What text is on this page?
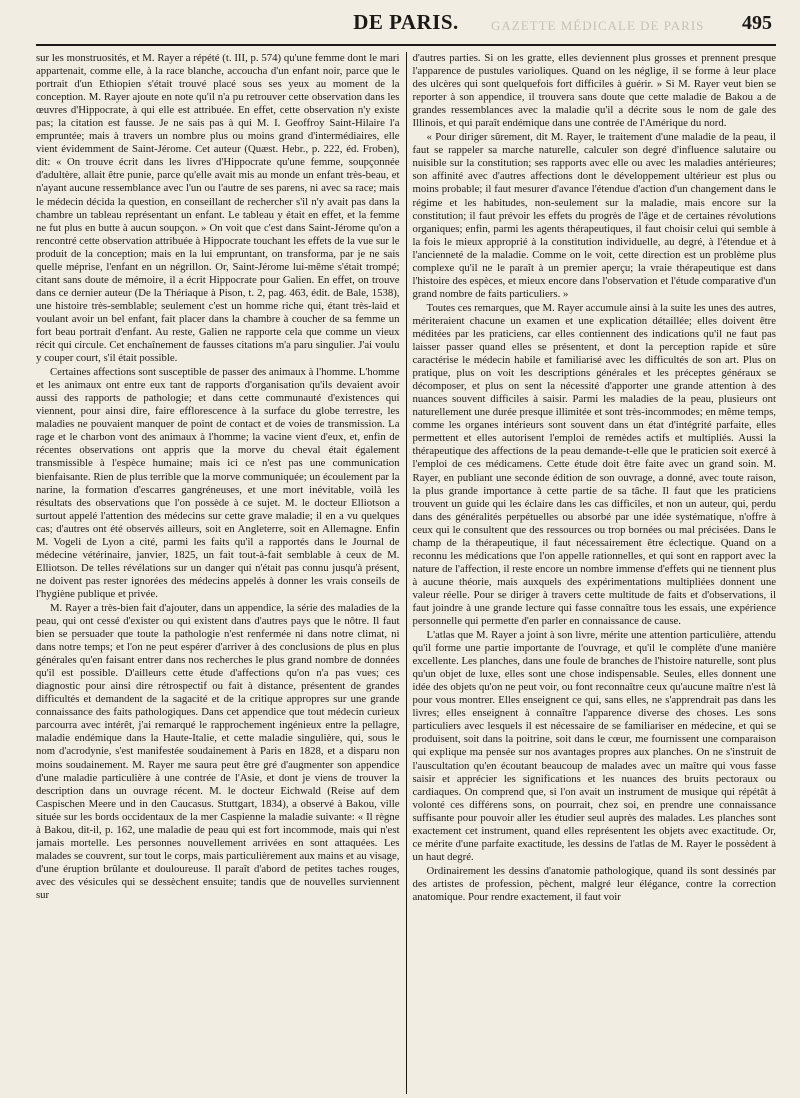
GAZETTE MÉDICALE DE PARIS
DE PARIS.	495

sur les monstruosités, et M. Rayer a répété (t. III, p. 574) qu'une femme dont le mari appartenait, comme elle, à la race blanche, accoucha d'un enfant noir, parce que le portrait d'un Ethiopien s'était trouvé placé sous ses yeux au moment de la conception. M. Rayer ajoute en note qu'il n'a pu retrouver cette observation dans les œuvres d'Hippocrate, à qui elle est attribuée. En effet, cette observation n'y existe pas; la citation est fausse. Je ne sais pas à qui M. I. Geoffroy Saint-Hilaire l'a empruntée; mais à travers un nombre plus ou moins grand d'intermédiaires, elle vient évidemment de Saint-Jérome. Cet auteur (Quæst. Hebr., p. 222, éd. Froben), dit: « On trouve écrit dans les livres d'Hippocrate qu'une femme, soupçonnée d'adultère, allait être punie, parce qu'elle avait mis au monde un enfant très-beau, et n'ayant aucune ressemblance avec l'un ou l'autre de ses parens, ni avec sa race; mais le médecin décida la question, en conseillant de rechercher s'il n'y avait pas dans la chambre un tableau représentant un enfant. Le tableau y était en effet, et la femme ne fut plus en butte à aucun soupçon. » On voit que c'est dans Saint-Jérome qu'on a rencontré cette observation attribuée à Hippocrate touchant les effets de la vue sur le produit de la conception; mais en la lui empruntant, on transforma, par je ne sais quelle méprise, l'enfant en un négrillon. Or, Saint-Jérome lui-même s'était trompé; citant sans doute de mémoire, il a écrit Hippocrate pour Galien. En effet, on trouve dans ce dernier auteur (De la Thériaque à Pison, t. 2, pag. 463, édit. de Bale, 1538), une histoire très-semblable; seulement c'est un homme riche qui, étant très-laid et voulant avoir un bel enfant, fait placer dans la chambre à coucher de sa femme un fort beau portrait d'enfant. Au reste, Galien ne rapporte cela que comme un vieux récit qui circule. Cet enchaînement de fausses citations m'a paru singulier. J'ai voulu y couper court, s'il était possible.

Certaines affections sont susceptible de passer des animaux à l'homme. L'homme et les animaux ont entre eux tant de rapports d'organisation qu'ils devaient avoir aussi des rapports de pathologie; et dans cette communauté d'existences qui viennent, pour ainsi dire, faire efflorescence à la surface du globe terrestre, les maladies ne pouvaient manquer de point de contact et de voies de transmission. La rage et le charbon vont des animaux à l'homme; la vacine vient d'eux, et, enfin de récentes observations ont appris que la morve du cheval était également transmissible à l'espèce humaine; mais ici ce n'est pas une communication bienfaisante. Rien de plus terrible que la morve communiquée; un écoulement par la narine, la formation d'escarres gangréneuses, et une mort inévitable, voilà les résultats des observations que l'on possède à ce sujet. M. le docteur Elliotson a surtout appelé l'attention des médecins sur cette grave maladie; il en a vu quelques cas; d'autres ont été observés ailleurs, soit en Angleterre, soit en Allemagne. Enfin M. Vogeli de Lyon a cité, parmi les faits qu'il a rapportés dans le Journal de médecine vétérinaire, janvier, 1825, un fait tout-à-fait semblable à ceux de M. Elliotson. De telles révélations sur un danger qui n'était pas connu jusqu'à présent, ne doivent pas rester ignorées des médecins appelés à donner les vrais conseils de l'hygiène publique et privée.

M. Rayer a très-bien fait d'ajouter, dans un appendice, la série des maladies de la peau, qui ont cessé d'exister ou qui existent dans d'autres pays que le nôtre. Il faut bien se persuader que toute la pathologie n'est renfermée ni dans notre climat, ni dans notre temps; et l'on ne peut espérer d'arriver à des conclusions de plus en plus générales qu'en faisant entrer dans nos recherches le plus grand nombre de données qu'il est possible. D'ailleurs cette étude d'affections qu'on n'a pas vues; ces diagnostic pour ainsi dire rétrospectif ou fait à distance, présentent de grandes difficultés et demandent de la sagacité et de la critique appropres sur une grande connaissance des faits pathologiques. Dans cet appendice que tout médecin curieux parcourra avec intérêt, j'ai remarqué le rapprochement ingénieux entre la pellagre, maladie endémique dans la Haute-Italie, et cette maladie singulière, qui, sous le nom d'acrodynie, s'est manifestée soudainement à Paris en 1828, et a disparu non moins soudainement. M. Rayer me saura peut être gré d'augmenter son appendice d'une maladie particulière à une contrée de l'Asie, et dont je viens de trouver la description dans un ouvrage récent. M. le docteur Eichwald (Reise auf dem Caspischen Meere und in den Caucasus. Stuttgart, 1834), a observé à Bakou, ville située sur les bords occidentaux de la mer Caspienne la maladie suivante: « Il règne à Bakou, dit-il, p. 162, une maladie de peau qui est fort incommode, mais qui n'est jamais mortelle. Les personnes nouvellement arrivées en sont attaquées. Les malades se couvrent, sur tout le corps, mais particulièrement aux mains et au visage, d'une éruption brûlante et douloureuse. Il paraît d'abord de petites taches rouges, avec des vésicules qui se dessèchent ensuite; tandis que de nouvelles surviennent sur

d'autres parties. Si on les gratte, elles deviennent plus grosses et prennent presque l'apparence de pustules varioliques. Quand on les néglige, il se forme à leur place des ulcères qui sont quelquefois fort difficiles à guérir. » Si M. Rayer veut bien se reporter à son appendice, il trouvera sans doute que cette maladie de Bakou a de grandes ressemblances avec la maladie qu'il a décrite sous le nom de gale des Illinois, et qui paraît endémique dans une contrée de l'Amérique du nord.

« Pour diriger sûrement, dit M. Rayer, le traitement d'une maladie de la peau, il faut se rappeler sa marche naturelle, calculer son degré d'influence salutaire ou nuisible sur la constitution; ses rapports avec elle ou avec les maladies antérieures; son affinité avec d'autres affections dont le développement ultérieur est plus ou moins probable; il faut mesurer d'avance l'étendue d'action d'un changement dans le régime et les habitudes, non-seulement sur la maladie, mais encore sur la constitution; il faut prévoir les effets du progrès de l'âge et de certaines révolutions organiques; enfin, parmi les agents thérapeutiques, il faut choisir celui qui semble à la fois le mieux approprié à la constitution individuelle, au degré, à l'étendue et à l'ancienneté de la maladie. Comme on le voit, cette direction est un problème plus complexe qu'il ne le paraît à un premier aperçu; la vraie thérapeutique est dans l'histoire des espèces, et mieux encore dans l'observation et l'étude comparative d'un grand nombre de faits particuliers. »

Toutes ces remarques, que M. Rayer accumule ainsi à la suite les unes des autres, mériteraient chacune un examen et une explication détaillée; elles doivent être méditées par les praticiens, car elles contiennent des indications qu'il ne faut pas laisser passer quand elles se présentent, et dont la perception rapide et sûre caractérise le médecin habile et familiarisé avec les difficultés de son art. Plus on pratique, plus on voit les descriptions générales et les préceptes généraux se décomposer, et plus on sent la nécessité d'apporter une grande attention à des nuances souvent difficiles à saisir. Parmi les maladies de la peau, plusieurs ont naturellement une durée presque illimitée et sont très-incommodes; en même temps, comme les organes intérieurs sont souvent dans un état d'intégrité parfaite, elles permettent et elles autorisent l'emploi de remèdes actifs et multipliés. Aussi la thérapeutique des affections de la peau demande-t-elle que le praticien soit exercé à l'emploi de ces médicamens. Cette étude doit être faite avec un grand soin. M. Rayer, en publiant une seconde édition de son ouvrage, a donné, avec toute raison, la plus grande importance à cette partie de sa tâche. Il faut que les praticiens trouvent un guide qui les éclaire dans les cas difficiles, et non un auteur, qui, perdu dans des généralités perpétuelles ou absorbé par une idée systématique, n'offre à ceux qui le consultent que des ressources ou trop bornées ou mal précisées. Dans le champ de la thérapeutique, il faut nécessairement être éclectique. Quand on a reconnu les médications que l'on appelle rationnelles, et qui sont en rapport avec la nature de l'affection, il reste encore un nombre immense d'effets qui ne tiennent plus à aucune théorie, mais auxquels des expérimentations multipliées donnent une valeur réelle. Pour se diriger à travers cette multitude de faits et d'observations, il faut joindre à une grande lecture qui fasse connaître tous les essais, une expérience personnelle qui permette d'en parler en connaissance de cause.

L'atlas que M. Rayer a joint à son livre, mérite une attention particulière, attendu qu'il forme une partie importante de l'ouvrage, et qu'il le complète d'une manière excellente. Les planches, dans une foule de branches de l'histoire naturelle, sont plus qu'un objet de luxe, elles sont une chose indispensable. Seules, elles donnent une idée des objets qu'on ne peut voir, ou font reconnaître ceux qu'aucune maître n'est là pour vous montrer. Elles enseignent ce qui, sans elles, ne s'apprendrait pas dans les livres; elles enseignent à connaître l'apparence diverse des choses. Les sons particuliers avec lesquels il est nécessaire de se familiariser en médecine, et qui se produisent, soit dans la poitrine, soit dans le cœur, me fournissent une comparaison qui explique ma pensée sur nos avantages propres aux planches. On ne s'instruit de l'auscultation qu'en écoutant beaucoup de malades avec un maître qui vous fasse saisir et apprécier les significations et les nuances des bruits pectoraux ou cardiaques. On comprend que, si l'on avait un instrument de musique qui répétât à volonté ces différens sons, on pourrait, chez soi, en prendre une connaissance suffisante pour pouvoir aller les étudier seul auprès des malades. Les planches sont exactement cet instrument, quand elles représentent les objets avec exactitude. Or, ce mérite d'une parfaite exactitude, les dessins de l'atlas de M. Rayer le possèdent à un haut degré.

Ordinairement les dessins d'anatomie pathologique, quand ils sont dessinés par des artistes de profession, pèchent, malgré leur élégance, contre la correction anatomique. Pour rendre exactement, il faut voir
